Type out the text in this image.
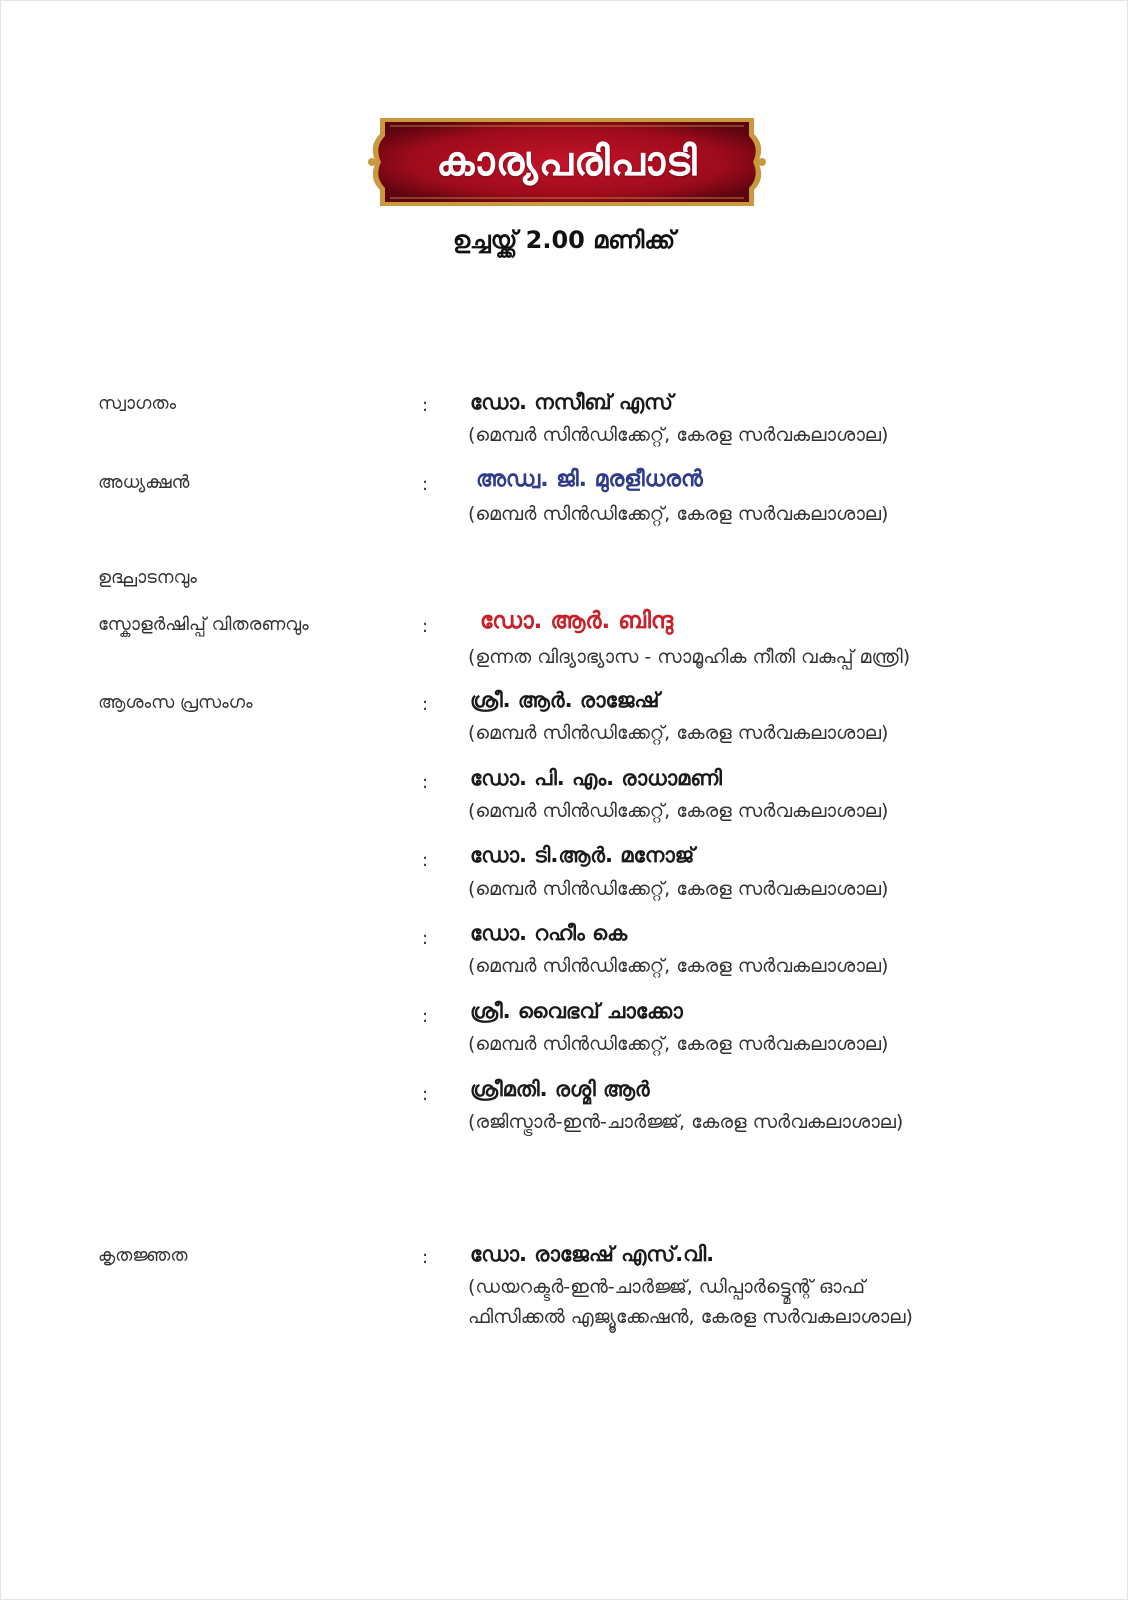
കാര്യപരിപാടി
ഉച്ചയ്ക്ക് 2.00 മണിക്ക്
സ്വാഗതം	: ഡോ. നസീബ് എസ്
(മെമ്പർ സിൻഡിക്കേറ്റ്, കേരള സർവകലാശാല)
അധ്യക്ഷൻ	: അഡ്വ. ജി. മുരളീധരൻ
(മെമ്പർ സിൻഡിക്കേറ്റ്, കേരള സർവകലാശാല)
ഉദ്ഘാടനവും
സ്കോളർഷിപ്പ് വിതരണവും	: ഡോ. ആർ. ബിന്ദു
(ഉന്നത വിദ്യാഭ്യാസ - സാമൂഹിക നീതി വകുപ്പ് മന്ത്രി)
ആശംസ പ്രസംഗം	: ശ്രീ. ആർ. രാജേഷ്
(മെമ്പർ സിൻഡിക്കേറ്റ്, കേരള സർവകലാശാല)
: ഡോ. പി. എം. രാധാമണി
(മെമ്പർ സിൻഡിക്കേറ്റ്, കേരള സർവകലാശാല)
: ഡോ. ടി.ആർ. മനോജ്
(മെമ്പർ സിൻഡിക്കേറ്റ്, കേരള സർവകലാശാല)
: ഡോ. റഹീം കെ
(മെമ്പർ സിൻഡിക്കേറ്റ്, കേരള സർവകലാശാല)
: ശ്രീ. വൈഭവ് ചാക്കോ
(മെമ്പർ സിൻഡിക്കേറ്റ്, കേരള സർവകലാശാല)
: ശ്രീമതി. രശ്മി ആർ
(രജിസ്ട്രാർ-ഇൻ-ചാർജ്ജ്, കേരള സർവകലാശാല)
കൃതജ്ഞത	: ഡോ. രാജേഷ് എസ്.വി.
(ഡയറക്ടർ-ഇൻ-ചാർജ്ജ്, ഡിപ്പാർട്ട്മെന്റ് ഓഫ്
ഫിസിക്കൽ എജ്യൂക്കേഷൻ, കേരള സർവകലാശാല)
